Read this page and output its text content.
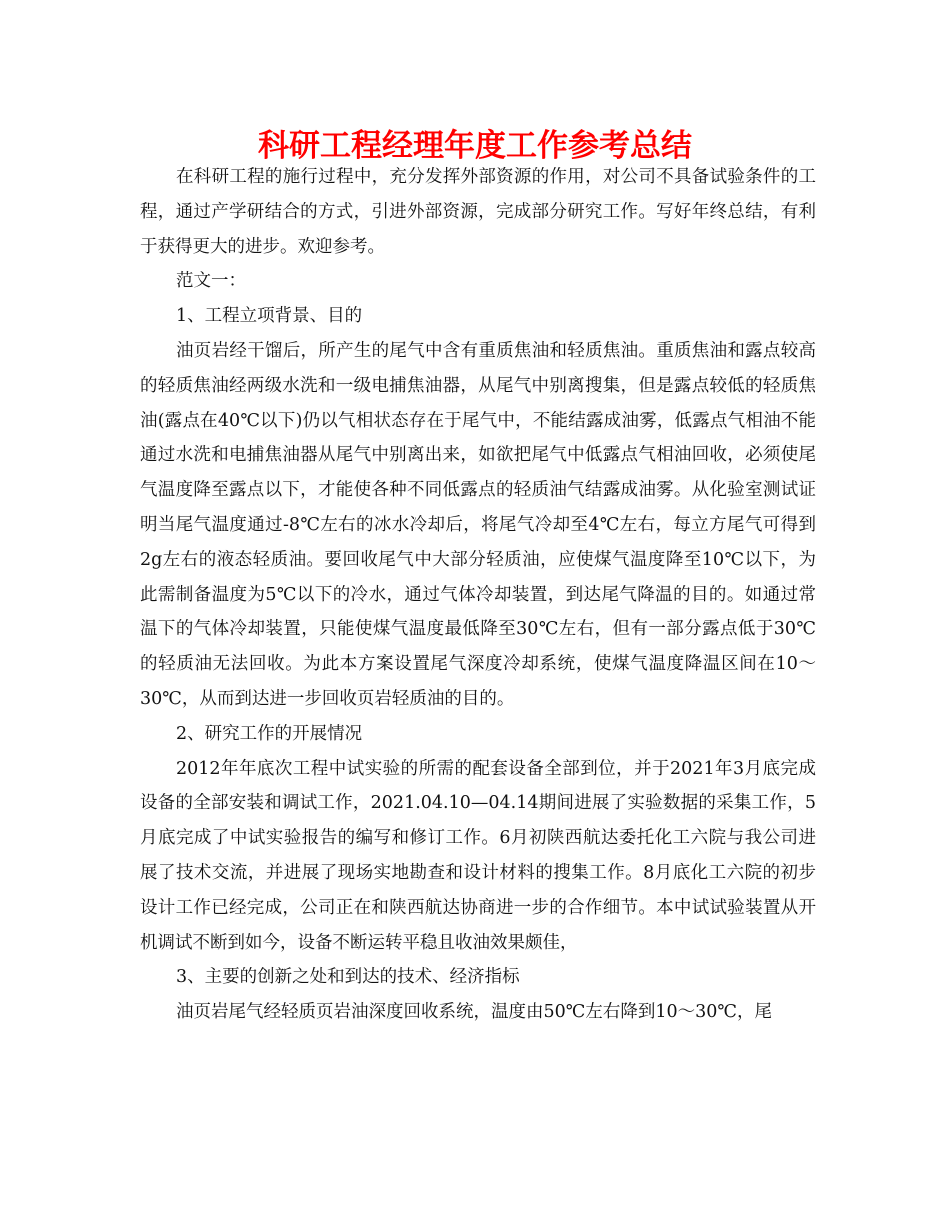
科研工程经理年度工作参考总结

在科研工程的施行过程中，充分发挥外部资源的作用，对公司不具备试验条件的工程，通过产学研结合的方式，引进外部资源，完成部分研究工作。写好年终总结，有利于获得更大的进步。欢迎参考。

范文一：

1、工程立项背景、目的

油页岩经干馏后，所产生的尾气中含有重质焦油和轻质焦油。重质焦油和露点较高的轻质焦油经两级水洗和一级电捕焦油器，从尾气中别离搜集，但是露点较低的轻质焦油(露点在40℃以下)仍以气相状态存在于尾气中，不能结露成油雾，低露点气相油不能通过水洗和电捕焦油器从尾气中别离出来，如欲把尾气中低露点气相油回收，必须使尾气温度降至露点以下，才能使各种不同低露点的轻质油气结露成油雾。从化验室测试证明当尾气温度通过-8℃左右的冰水冷却后，将尾气冷却至4℃左右，每立方尾气可得到2g左右的液态轻质油。要回收尾气中大部分轻质油，应使煤气温度降至10℃以下，为此需制备温度为5℃以下的冷水，通过气体冷却装置，到达尾气降温的目的。如通过常温下的气体冷却装置，只能使煤气温度最低降至30℃左右，但有一部分露点低于30℃的轻质油无法回收。为此本方案设置尾气深度冷却系统，使煤气温度降温区间在10～30℃，从而到达进一步回收页岩轻质油的目的。

2、研究工作的开展情况

2012年年底次工程中试实验的所需的配套设备全部到位，并于2021年3月底完成设备的全部安装和调试工作，2021.04.10—04.14期间进展了实验数据的采集工作，5月底完成了中试实验报告的编写和修订工作。6月初陕西航达委托化工六院与我公司进展了技术交流，并进展了现场实地勘查和设计材料的搜集工作。8月底化工六院的初步设计工作已经完成，公司正在和陕西航达协商进一步的合作细节。本中试试验装置从开机调试不断到如今，设备不断运转平稳且收油效果颇佳，

3、主要的创新之处和到达的技术、经济指标

油页岩尾气经轻质页岩油深度回收系统，温度由50℃左右降到10～30℃，尾
